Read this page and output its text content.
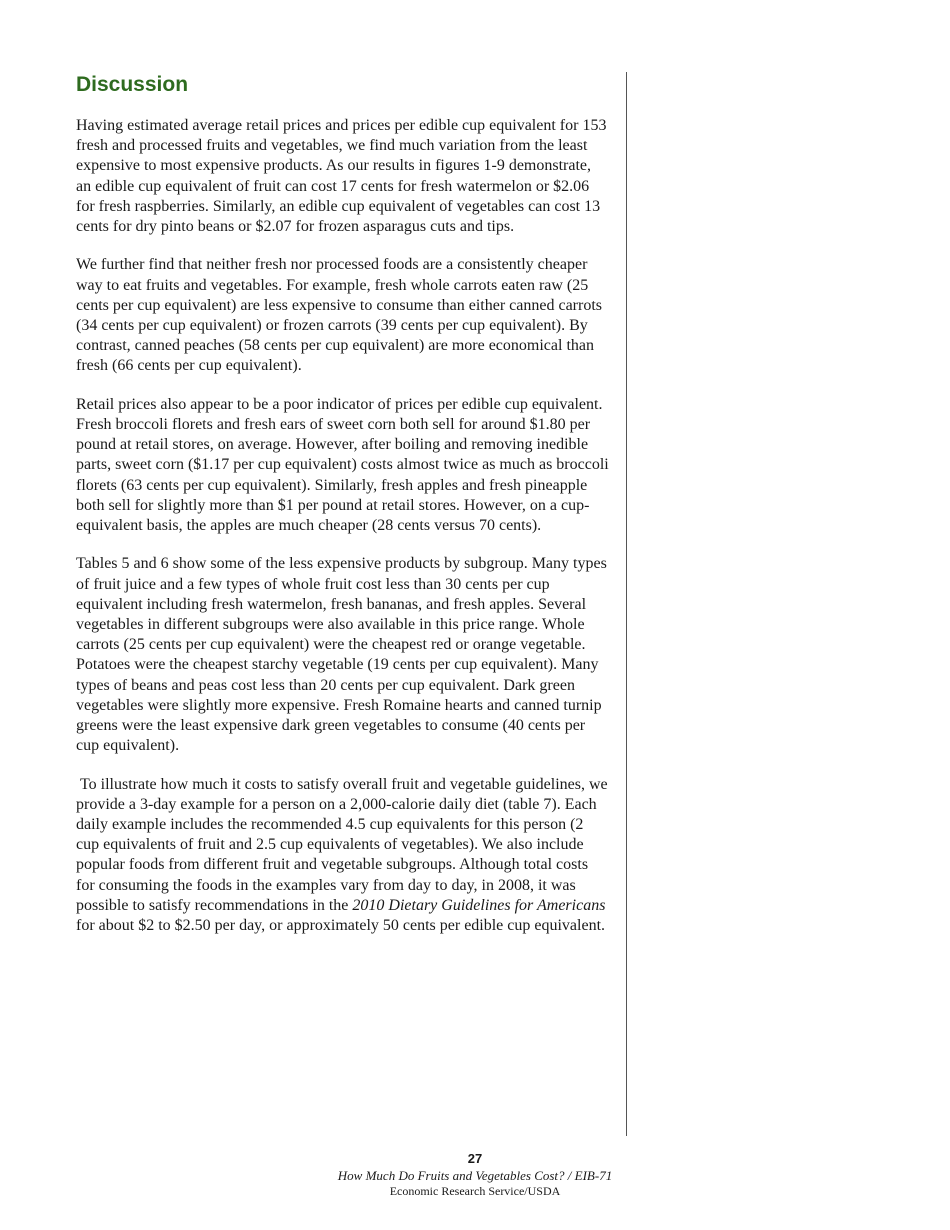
Discussion

Having estimated average retail prices and prices per edible cup equivalent for 153 fresh and processed fruits and vegetables, we find much variation from the least expensive to most expensive products. As our results in figures 1-9 demonstrate, an edible cup equivalent of fruit can cost 17 cents for fresh watermelon or $2.06 for fresh raspberries. Similarly, an edible cup equivalent of vegetables can cost 13 cents for dry pinto beans or $2.07 for frozen asparagus cuts and tips.

We further find that neither fresh nor processed foods are a consistently cheaper way to eat fruits and vegetables. For example, fresh whole carrots eaten raw (25 cents per cup equivalent) are less expensive to consume than either canned carrots (34 cents per cup equivalent) or frozen carrots (39 cents per cup equivalent). By contrast, canned peaches (58 cents per cup equivalent) are more economical than fresh (66 cents per cup equivalent).

Retail prices also appear to be a poor indicator of prices per edible cup equivalent. Fresh broccoli florets and fresh ears of sweet corn both sell for around $1.80 per pound at retail stores, on average. However, after boiling and removing inedible parts, sweet corn ($1.17 per cup equivalent) costs almost twice as much as broccoli florets (63 cents per cup equivalent). Similarly, fresh apples and fresh pineapple both sell for slightly more than $1 per pound at retail stores. However, on a cup-equivalent basis, the apples are much cheaper (28 cents versus 70 cents).

Tables 5 and 6 show some of the less expensive products by subgroup. Many types of fruit juice and a few types of whole fruit cost less than 30 cents per cup equivalent including fresh watermelon, fresh bananas, and fresh apples. Several vegetables in different subgroups were also available in this price range. Whole carrots (25 cents per cup equivalent) were the cheapest red or orange vegetable. Potatoes were the cheapest starchy vegetable (19 cents per cup equivalent). Many types of beans and peas cost less than 20 cents per cup equivalent. Dark green vegetables were slightly more expensive. Fresh Romaine hearts and canned turnip greens were the least expensive dark green vegetables to consume (40 cents per cup equivalent).

To illustrate how much it costs to satisfy overall fruit and vegetable guidelines, we provide a 3-day example for a person on a 2,000-calorie daily diet (table 7). Each daily example includes the recommended 4.5 cup equivalents for this person (2 cup equivalents of fruit and 2.5 cup equivalents of vegetables). We also include popular foods from different fruit and vegetable subgroups. Although total costs for consuming the foods in the examples vary from day to day, in 2008, it was possible to satisfy recommendations in the 2010 Dietary Guidelines for Americans for about $2 to $2.50 per day, or approximately 50 cents per edible cup equivalent.

27
How Much Do Fruits and Vegetables Cost? / EIB-71
Economic Research Service/USDA
